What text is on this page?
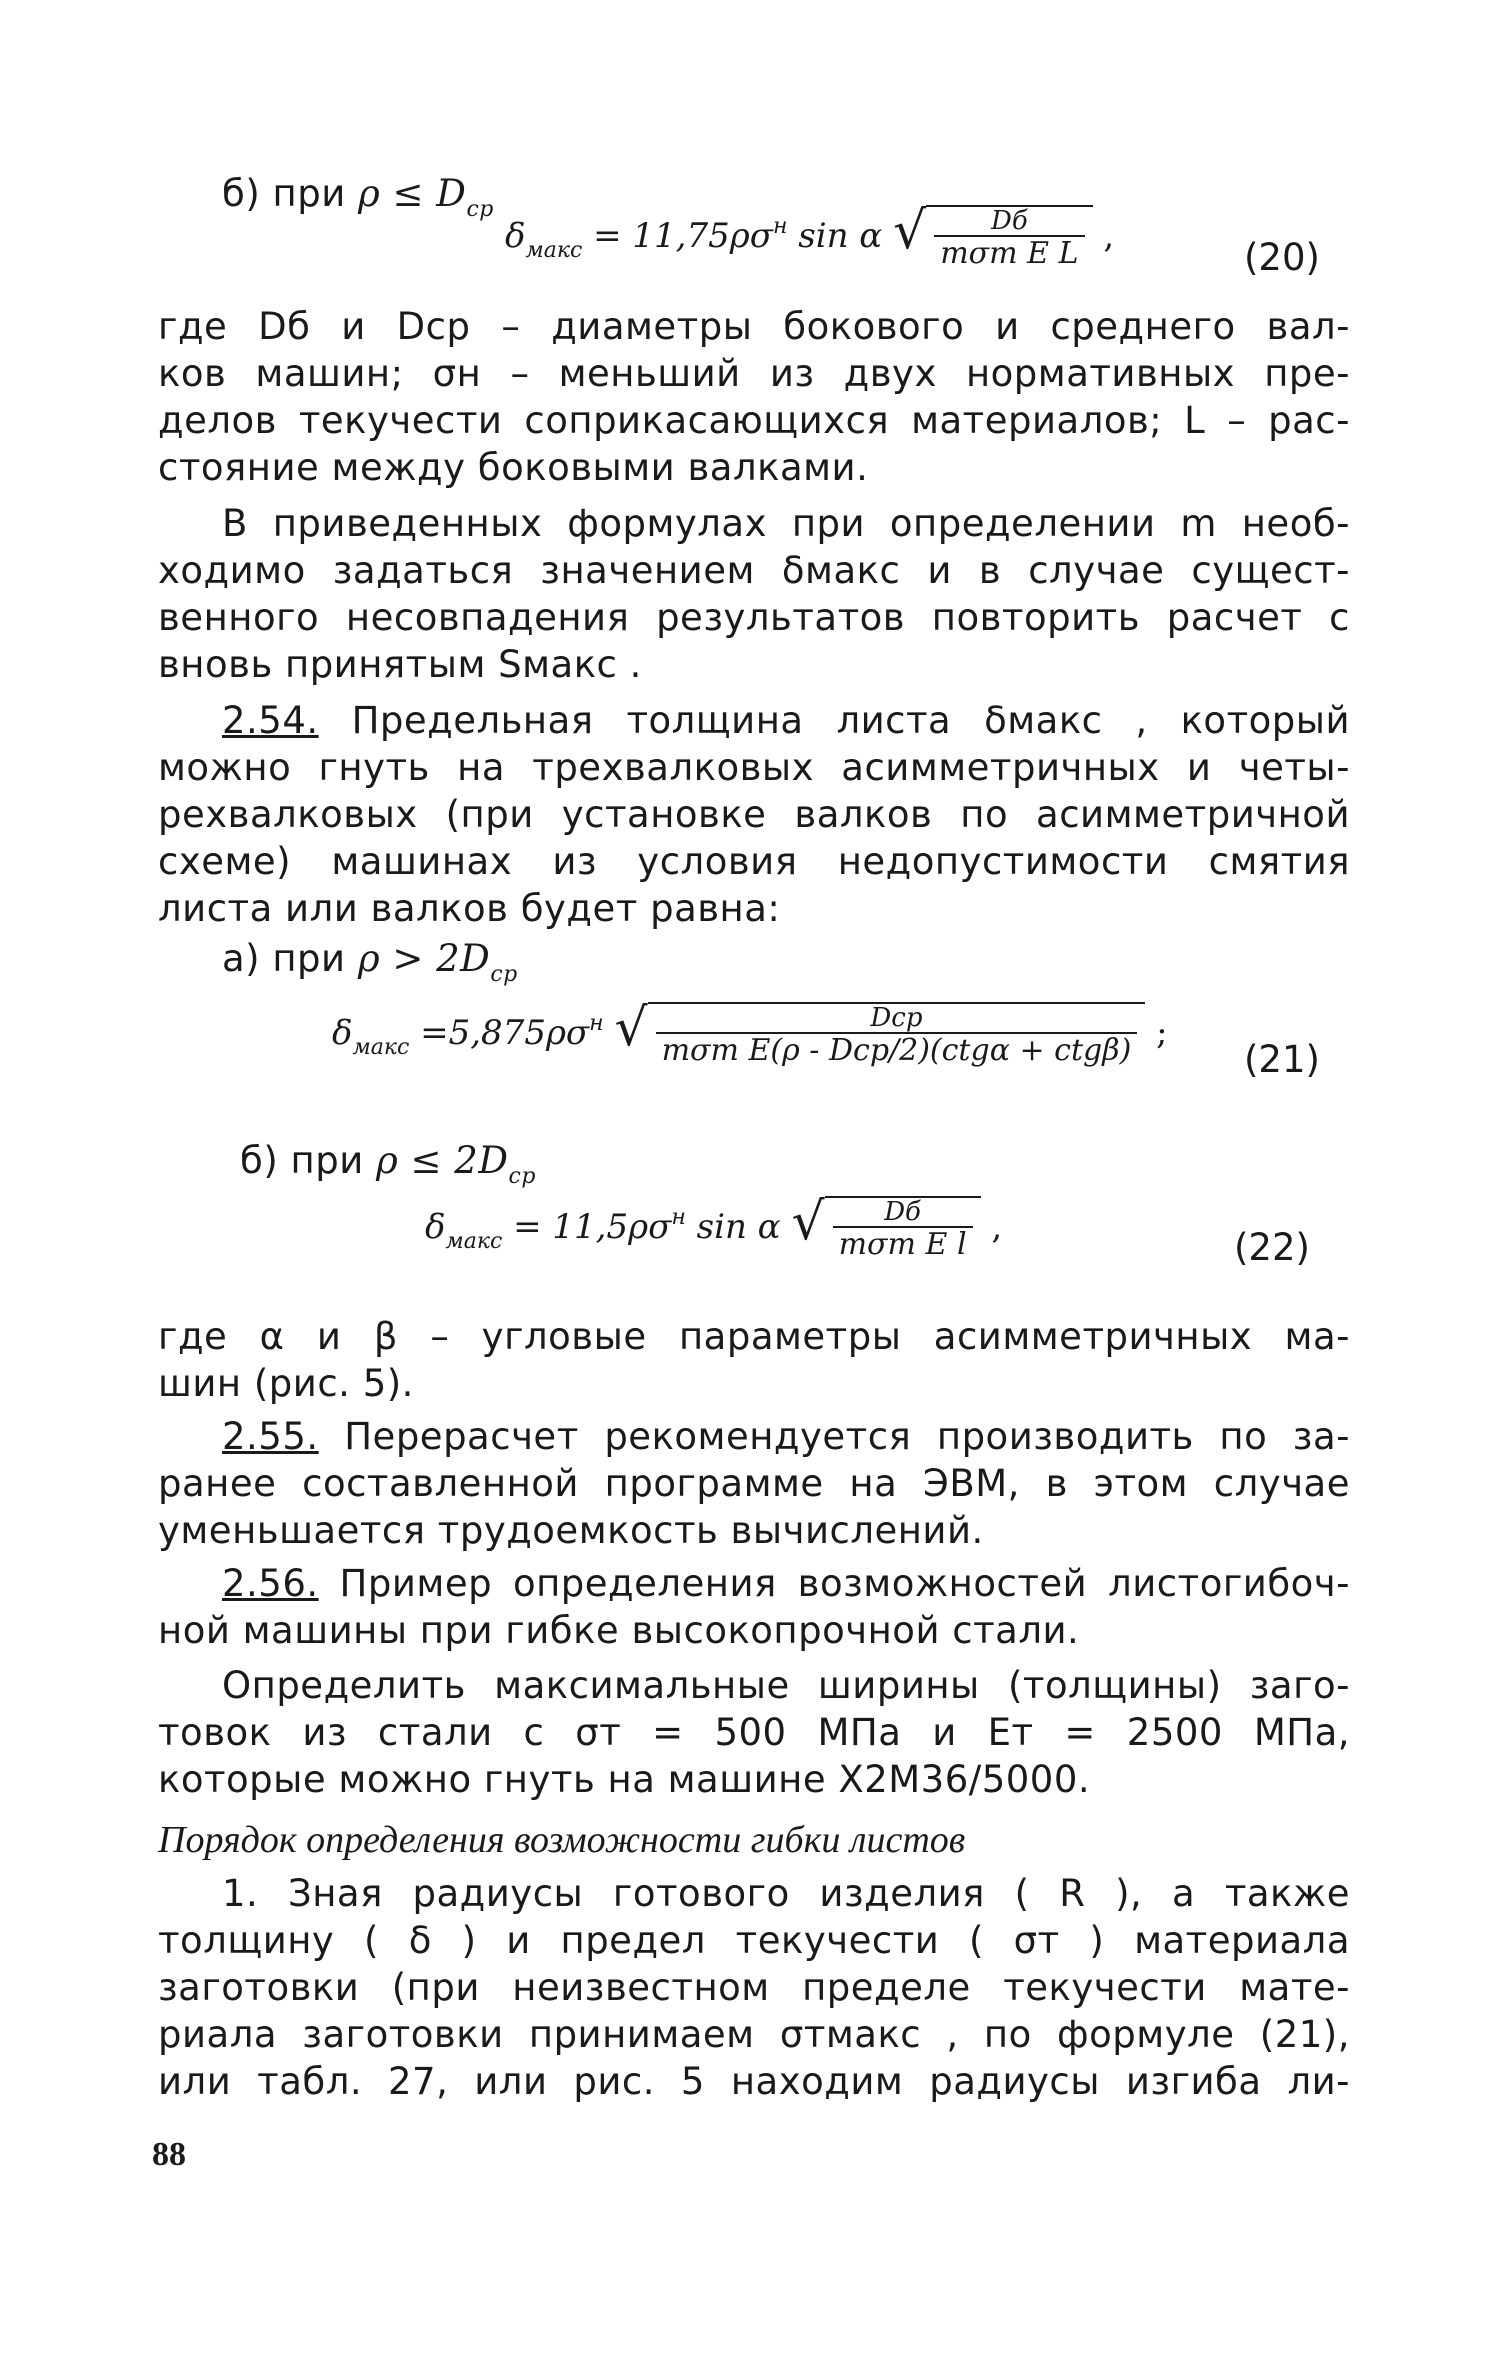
б) при $\rho \le D_{ср}$
$\delta_{макс} = 11,75\rho\sigma^н$ sin α √ $\frac{Dб}{\text{mσт E L}}$ ,	(20)
где Dб и Dср – диаметры бокового и среднего вал-
ков машин; σн – меньший из двух нормативных пре-
делов текучести соприкасающихся материалов; L – рас-
стояние между боковыми валками.
В приведенных формулах при определении m необ-
ходимо задаться значением δмакс и в случае сущест-
венного несовпадения результатов повторить расчет с
вновь принятым Sмакс .
2.54. Предельная толщина листа δмакс , который
можно гнуть на трехвалковых асимметричных и четы-
рехвалковых (при установке валков по асимметричной
схеме) машинах из условия недопустимости смятия
листа или валков будет равна:
а) при $\rho > 2D_{ср}$
$\delta_{макс} =5,875\rho\sigma^н$ √ $\frac{\text{Dср}}{\text{mσт E(ρ - Dср/2)(ctgα + ctgβ)}}$ ;
(21)
б) при $\rho \le 2D_{ср}$
$\delta_{макс} = 11,5\rho\sigma^н$ sin α √ $\frac{Dб}{\text{mσт E l}}$ ,	(22)
где α и β – угловые параметры асимметричных ма-
шин (рис. 5).
2.55. Перерасчет рекомендуется производить по за-
ранее составленной программе на ЭВМ, в этом случае
уменьшается трудоемкость вычислений.
2.56. Пример определения возможностей листогибоч-
ной машины при гибке высокопрочной стали.
Определить максимальные ширины (толщины) заго-
товок из стали с σт = 500 МПа и Eт = 2500 МПа,
которые можно гнуть на машине Х2М36/5000.
Порядок определения возможности гибки листов
1. Зная радиусы готового изделия ( R ), а также
толщину ( δ ) и предел текучести ( σт ) материала
заготовки (при неизвестном пределе текучести мате-
риала заготовки принимаем σтмакс , по формуле (21),
или табл. 27, или рис. 5 находим радиусы изгиба ли-
88
